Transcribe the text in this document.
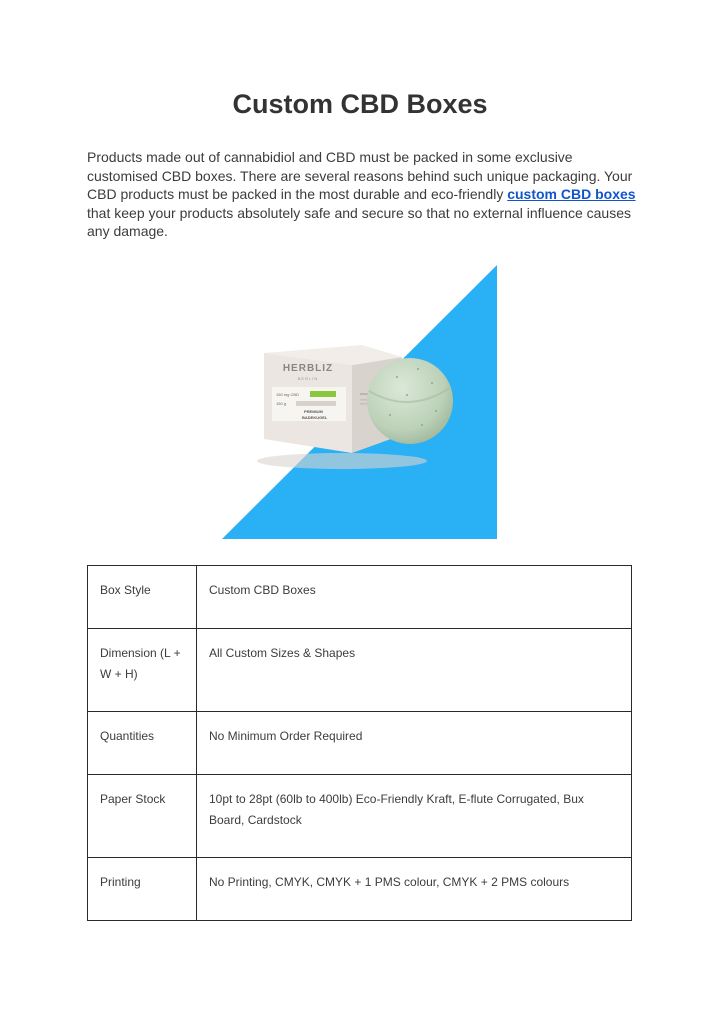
Custom CBD Boxes

Products made out of cannabidiol and CBD must be packed in some exclusive customised CBD boxes. There are several reasons behind such unique packaging. Your CBD products must be packed in the most durable and eco-friendly custom CBD boxes that keep your products absolutely safe and secure so that no external influence causes any damage.

HERBLIZ
BERLIN
150 mg CBD
150 g
PREMIUM
BADEKUGEL
Box Style	Custom CBD Boxes
Dimension (L + W + H)	All Custom Sizes & Shapes
Quantities	No Minimum Order Required
Paper Stock	10pt to 28pt (60lb to 400lb) Eco-Friendly Kraft, E-flute Corrugated, Bux Board, Cardstock
Printing	No Printing, CMYK, CMYK + 1 PMS colour, CMYK + 2 PMS colours
